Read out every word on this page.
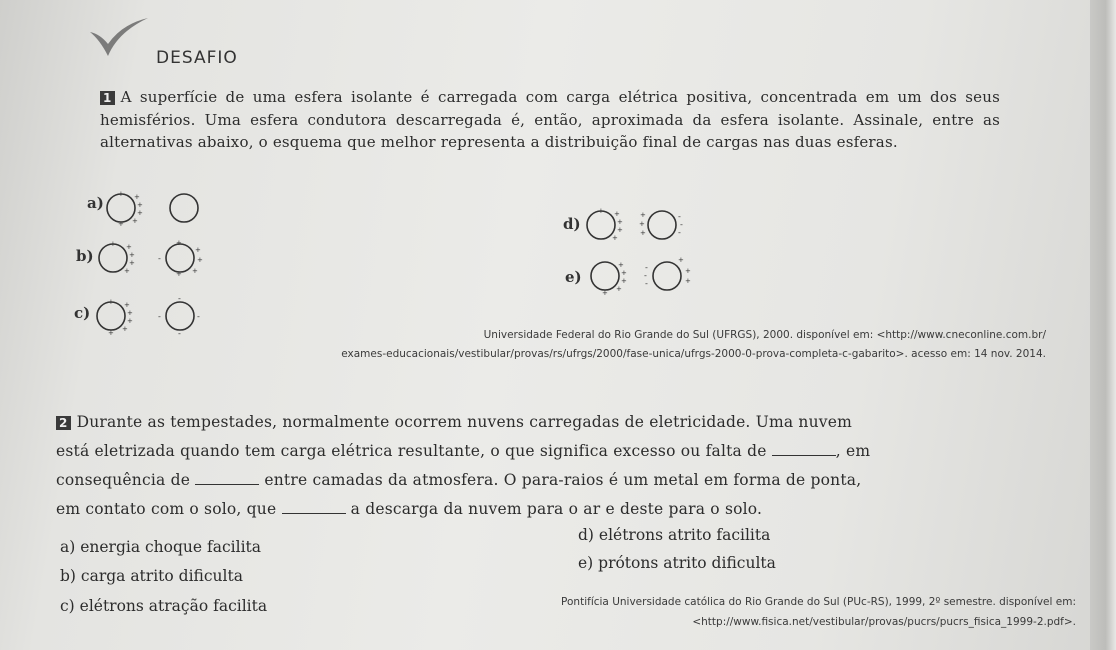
DESAFIO
1 A superfície de uma esfera isolante é carregada com carga elétrica positiva, concentrada em um dos seus hemisférios. Uma esfera condutora descarregada é, então, aproximada da esfera isolante. Assinale, entre as alternativas abaixo, o esquema que melhor representa a distribuição final de cargas nas duas esferas.
a)	+
+
+
+
+
+
b)	+
+
+
+
+
-
+
+
+
+
+
c)	+
+
+
+
+
+
-
-
-
-
d)
+
+
+
+
+	+
+
+
-
-
-
e)
+
+
+
+
+
-
-
-
+
+
+
Universidade Federal do Rio Grande do Sul (UFRGS), 2000. disponível em: <http://www.cneconline.com.br/
exames-educacionais/vestibular/provas/rs/ufrgs/2000/fase-unica/ufrgs-2000-0-prova-completa-c-gabarito>. acesso em: 14 nov. 2014.

2 Durante as tempestades, normalmente ocorrem nuvens carregadas de eletricidade. Uma nuvem

está eletrizada quando tem carga elétrica resultante, o que significa excesso ou falta de	, em

consequência de	entre camadas da atmosfera. O para-raios é um metal em forma de ponta,

em contato com o solo, que	a descarga da nuvem para o ar e deste para o solo.

a) energia choque facilita
b) carga atrito dificulta
c) elétrons atração facilita
d) elétrons atrito facilita
e) prótons atrito dificulta
Pontifícia Universidade católica do Rio Grande do Sul (PUc-RS), 1999, 2º semestre. disponível em:
<http://www.fisica.net/vestibular/provas/pucrs/pucrs_fisica_1999-2.pdf>.
